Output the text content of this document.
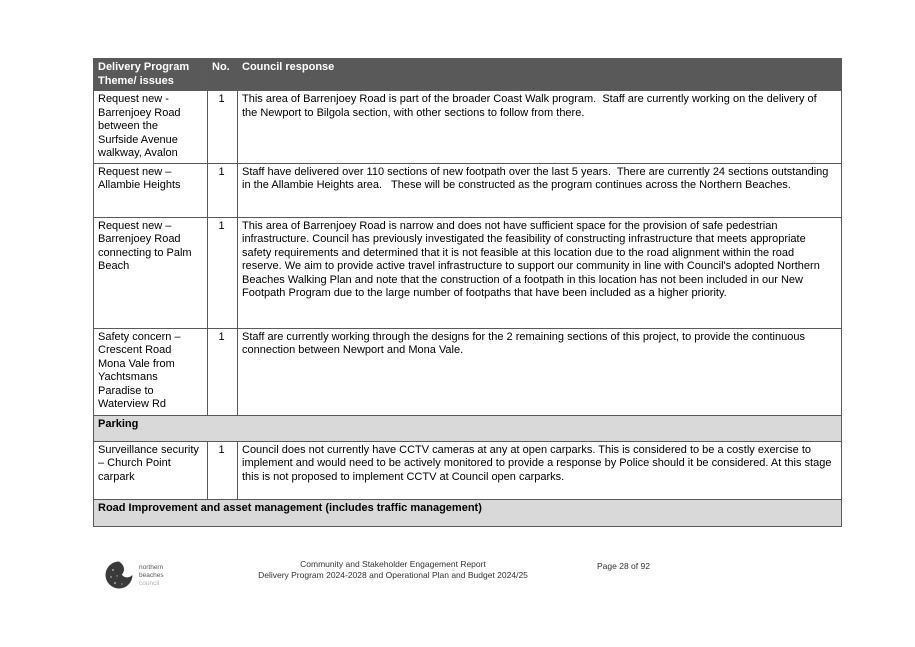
Delivery Program Theme/ issues	No.	Council response
Request new - Barrenjoey Road between the Surfside Avenue walkway, Avalon	1	This area of Barrenjoey Road is part of the broader Coast Walk program.  Staff are currently working on the delivery of the Newport to Bilgola section, with other sections to follow from there.
Request new – Allambie Heights	1	Staff have delivered over 110 sections of new footpath over the last 5 years.  There are currently 24 sections outstanding in the Allambie Heights area.   These will be constructed as the program continues across the Northern Beaches.
Request new – Barrenjoey Road connecting to Palm Beach	1	This area of Barrenjoey Road is narrow and does not have sufficient space for the provision of safe pedestrian infrastructure. Council has previously investigated the feasibility of constructing infrastructure that meets appropriate safety requirements and determined that it is not feasible at this location due to the road alignment within the road reserve. We aim to provide active travel infrastructure to support our community in line with Council's adopted Northern Beaches Walking Plan and note that the construction of a footpath in this location has not been included in our New Footpath Program due to the large number of footpaths that have been included as a higher priority.
Safety concern – Crescent Road Mona Vale from Yachtsmans Paradise to Waterview Rd	1	Staff are currently working through the designs for the 2 remaining sections of this project, to provide the continuous connection between Newport and Mona Vale.
Parking		
Surveillance security – Church Point carpark	1	Council does not currently have CCTV cameras at any at open carparks. This is considered to be a costly exercise to implement and would need to be actively monitored to provide a response by Police should it be considered. At this stage this is not proposed to implement CCTV at Council open carparks.
Road Improvement and asset management (includes traffic management)		
northern
beaches
council
Community and Stakeholder Engagement Report
Delivery Program 2024-2028 and Operational Plan and Budget 2024/25
Page 28 of 92
